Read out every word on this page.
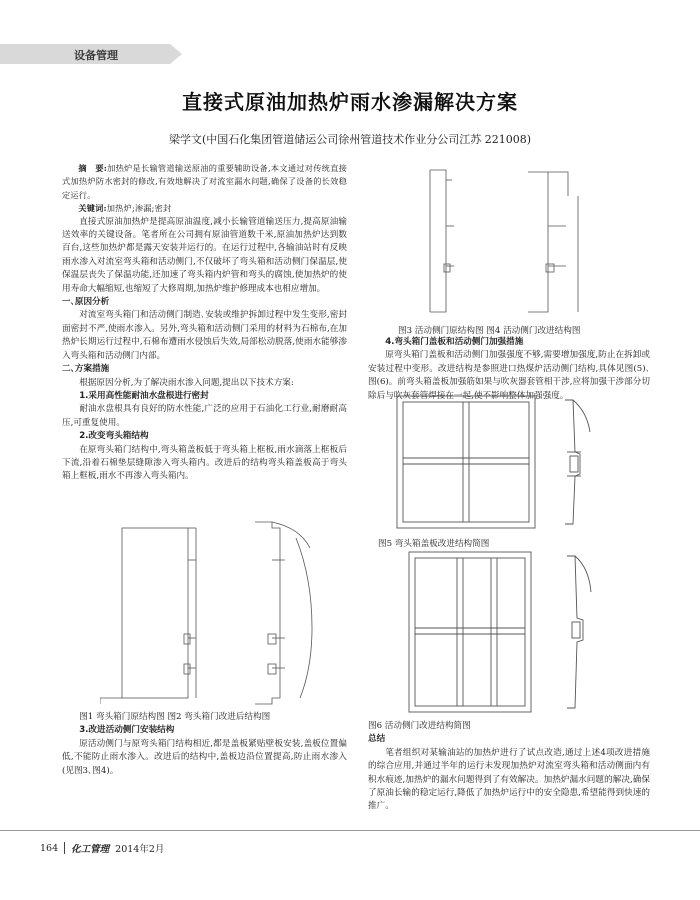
设备管理
直接式原油加热炉雨水渗漏解决方案
梁学文(中国石化集团管道储运公司徐州管道技术作业分公司江苏 221008)

摘　要:加热炉是长输管道输送原油的重要辅助设备,本文通过对传统直接式加热炉防水密封的修改,有效地解决了对流室漏水问题,确保了设备的长效稳定运行。

关键词:加热炉;渗漏;密封

直接式原油加热炉是提高原油温度,减小长输管道输送压力,提高原油输送效率的关键设备。笔者所在公司拥有原油管道数千米,原油加热炉达到数百台,这些加热炉都是露天安装并运行的。在运行过程中,各输油站时有反映雨水渗入对流室弯头箱和活动侧门,不仅破坏了弯头箱和活动侧门保温层,使保温层丧失了保温功能,还加速了弯头箱内炉管和弯头的腐蚀,使加热炉的使用寿命大幅缩短,也缩短了大修周期,加热炉维护修理成本也相应增加。

一､原因分析

对流室弯头箱门和活动侧门制造､安装或维护拆卸过程中发生变形,密封面密封不严,使雨水渗入。另外,弯头箱和活动侧门采用的材料为石棉布,在加热炉长期运行过程中,石棉布遭雨水侵蚀后失效,局部松动脱落,使雨水能够渗入弯头箱和活动侧门内部。

二､方案措施

根据原因分析,为了解决雨水渗入问题,提出以下技术方案:

1.采用高性能耐油水盘根进行密封

耐油水盘根具有良好的防水性能,广泛的应用于石油化工行业,耐磨耐高压,可重复使用。

2.改变弯头箱结构

在原弯头箱门结构中,弯头箱盖板低于弯头箱上框板,雨水滴落上框板后下流,沿着石棉垫层缝隙渗入弯头箱内。改进后的结构弯头箱盖板高于弯头箱上框板,雨水不再渗入弯头箱内。

图1 弯头箱门原结构图 图2 弯头箱门改进后结构图

3.改进活动侧门安装结构

原活动侧门与原弯头箱门结构相近,都是盖板紧贴壁板安装,盖板位置偏低,不能防止雨水渗入。改进后的结构中,盖板边沿位置提高,防止雨水渗入(见图3､图4)。

图3 活动侧门原结构图 图4 活动侧门改进结构图

4.弯头箱门盖板和活动侧门加强措施

原弯头箱门盖板和活动侧门加强强度不够,需要增加强度,防止在拆卸或安装过程中变形。改进结构是参照进口热煤炉活动侧门结构,具体见图(5)､图(6)。前弯头箱盖板加强筋如果与吹灰器套管相干涉,应将加强干涉部分切除后与吹灰套管焊接在一起,使不影响整体加强强度。

图5 弯头箱盖板改进结构简图

图6 活动侧门改进结构简图

总结

笔者组织对某输油站的加热炉进行了试点改造,通过上述4项改进措施的综合应用,并通过半年的运行未发现加热炉对流室弯头箱和活动侧面内有积水痕迹,加热炉的漏水问题得到了有效解决。加热炉漏水问题的解决,确保了原油长输的稳定运行,降低了加热炉运行中的安全隐患,希望能得到快速的推广。

164 化工管理 2014年2月
